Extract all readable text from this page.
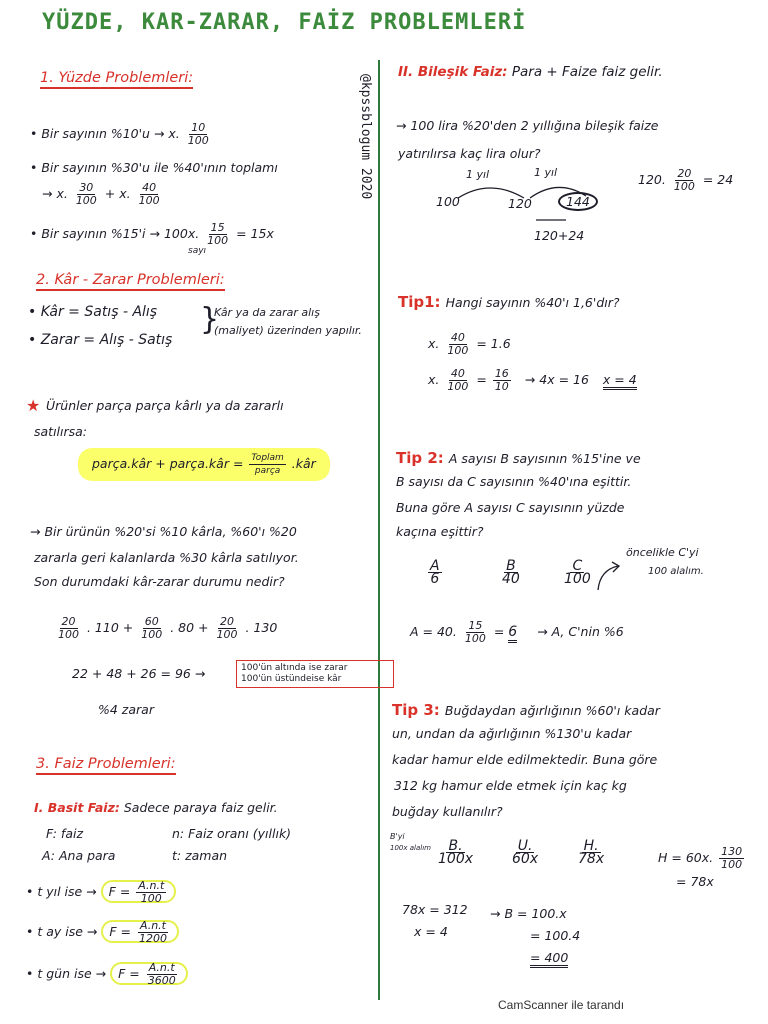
YÜZDE, KAR-ZARAR, FAİZ PROBLEMLERİ
@kpssblogum 2020
1. Yüzde Problemleri:
• Bir sayının %10'u → x. $\frac{10}{100}$
• Bir sayının %30'u ile %40'ının toplamı
→ x. $\frac{30}{100} + x$. $\frac{40}{100}$
• Bir sayının %15'i → 100x. $\frac{15}{100} = 15x$
sayı
2. Kâr - Zarar Problemleri:
• Kâr = Satış - Alış
• Zarar = Alış - Satış
}
Kâr ya da zarar alış
(maliyet) üzerinden yapılır.
★ Ürünler parça parça kârlı ya da zararlı
satılırsa:
parça.kâr + parça.kâr = $\frac{\text{Toplam}}{\text{parça}}$ .kâr
→ Bir ürünün %20'si %10 kârla, %60'ı %20
zararla geri kalanlarda %30 kârla satılıyor.
Son durumdaki kâr-zarar durumu nedir?
$\frac{20}{100}$ . $110 + \frac{60}{100}$ . $80 + \frac{20}{100}$ . 130
22 + 48 + 26 = 96 →	100'ün altında ise zarar
100'ün üstündeise kâr
%4 zarar
3. Faiz Problemleri:
I. Basit Faiz: Sadece paraya faiz gelir.
F: faiz	n: Faiz oranı (yıllık)
A: Ana para	t: zaman
• t yıl ise → $F = \frac{A.n.t}{100}$
• t ay ise → $F = \frac{A.n.t}{1200}$
• t gün ise → $F = \frac{A.n.t}{3600}$
II. Bileşik Faiz: Para + Faize faiz gelir.
→ 100 lira %20'den 2 yıllığına bileşik faize
yatırılırsa kaç lira olur?
1 yıl	1 yıl
100	120	144
120+24
120. $\frac{20}{100} = 24$
Tip1: Hangi sayının %40'ı 1,6'dır?
x. $\frac{40}{100} = 1.6$
x. $\frac{40}{100} = \frac{16}{10} \to 4x = 16$ x = 4
Tip 2: A sayısı B sayısının %15'ine ve
B sayısı da C sayısının %40'ına eşittir.
Buna göre A sayısı C sayısının yüzde
kaçına eşittir?
öncelikle C'yi
100 alalım.
$\frac{A}{6}$	$\frac{B}{40}$	$\frac{C}{100}$
A = 40. $\frac{15}{100} = 6 \to A$, C'nin %6
Tip 3: Buğdaydan ağırlığının %60'ı kadar
un, undan da ağırlığının %130'u kadar
kadar hamur elde edilmektedir. Buna göre
312 kg hamur elde etmek için kaç kg
buğday kullanılır?
B'yi
100x alalım $\frac{B.}{100x} \frac{U.}{60x}$	$\frac{H.}{78x}$	H = 60x. $\frac{130}{100}$
= 78x
78x = 312
x = 4
→ B = 100.x
= 100.4
= 400
CamScanner ile tarandı
